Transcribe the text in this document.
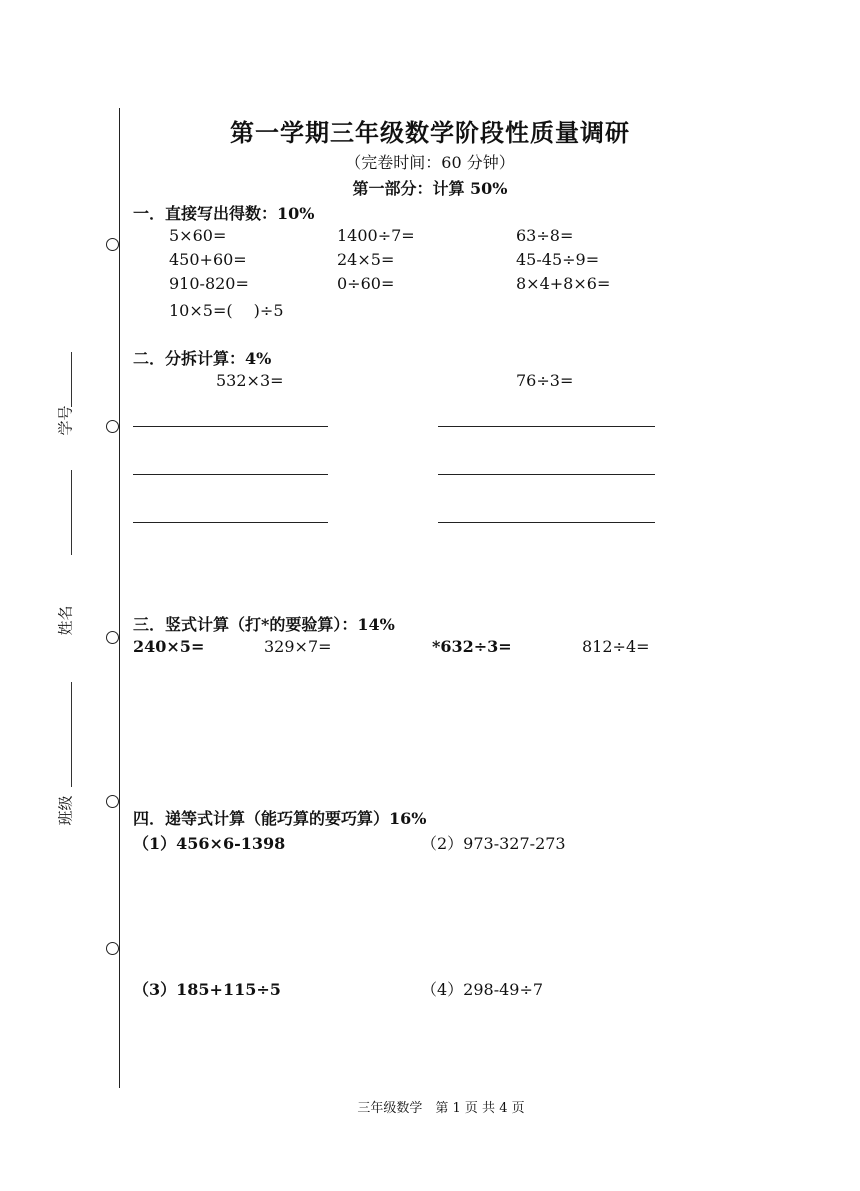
学号
姓名
班级
第一学期三年级数学阶段性质量调研
（完卷时间：60 分钟）
第一部分：计算 50%
一．直接写出得数：10%
5×60=	1400÷7=	63÷8=
450+60=	24×5=	45-45÷9=
910-820=	0÷60=	8×4+8×6=
10×5=(　 )÷5
二．分拆计算：4%
532×3=	76÷3=
三．竖式计算（打*的要验算）：14%
240×5=	329×7=	*632÷3=	812÷4=
四．递等式计算（能巧算的要巧算）16%
（1）456×6-1398	（2）973-327-273
（3）185+115÷5	（4）298-49÷7
三年级数学　第 1 页 共 4 页
